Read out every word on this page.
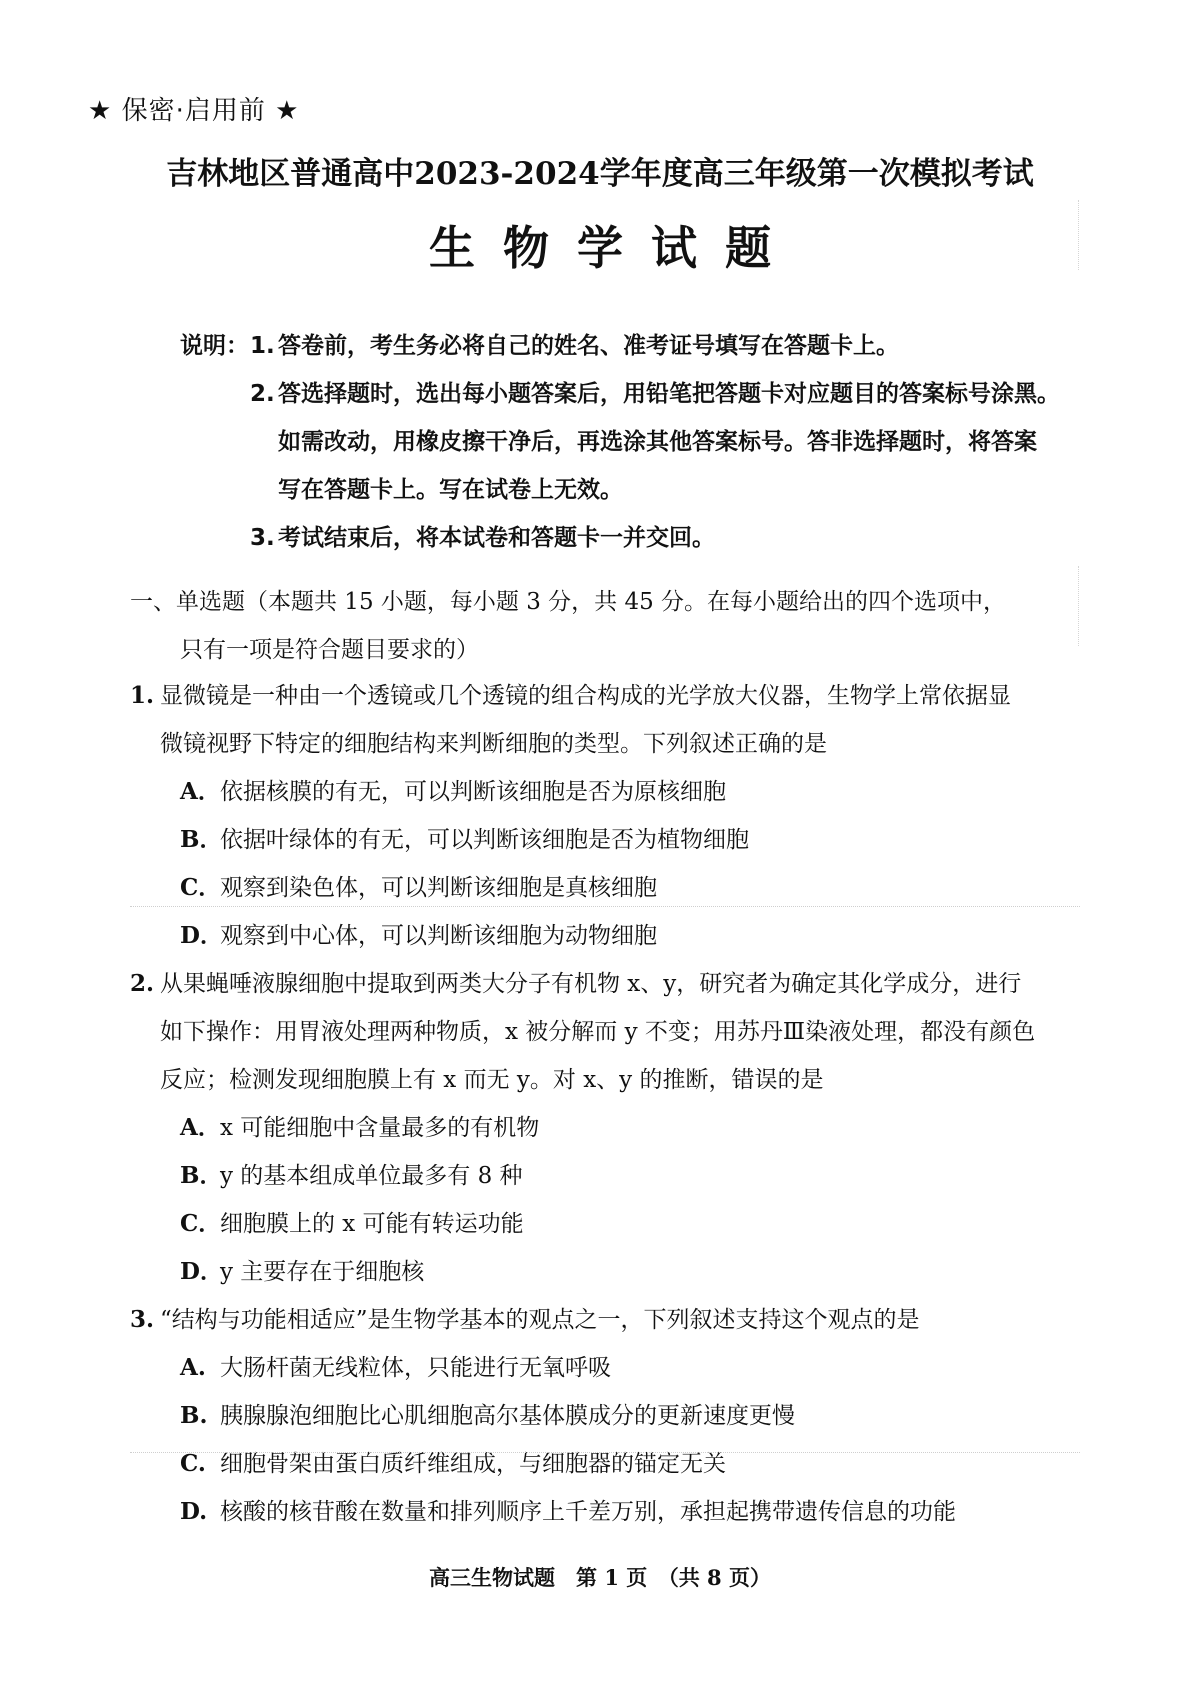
★ 保密·启用前 ★
吉林地区普通高中2023-2024学年度高三年级第一次模拟考试
生物学试题
说明： 1. 答卷前，考生务必将自己的姓名、准考证号填写在答题卡上。
2. 答选择题时，选出每小题答案后，用铅笔把答题卡对应题目的答案标号涂黑。
如需改动，用橡皮擦干净后，再选涂其他答案标号。答非选择题时，将答案
写在答题卡上。写在试卷上无效。
3. 考试结束后，将本试卷和答题卡一并交回。
一、单选题（本题共 15 小题，每小题 3 分，共 45 分。在每小题给出的四个选项中，
只有一项是符合题目要求的）
1. 显微镜是一种由一个透镜或几个透镜的组合构成的光学放大仪器，生物学上常依据显
微镜视野下特定的细胞结构来判断细胞的类型。下列叙述正确的是
A．依据核膜的有无，可以判断该细胞是否为原核细胞
B．依据叶绿体的有无，可以判断该细胞是否为植物细胞
C．观察到染色体，可以判断该细胞是真核细胞
D．观察到中心体，可以判断该细胞为动物细胞
2. 从果蝇唾液腺细胞中提取到两类大分子有机物 x、y，研究者为确定其化学成分，进行
如下操作：用胃液处理两种物质，x 被分解而 y 不变；用苏丹Ⅲ染液处理，都没有颜色
反应；检测发现细胞膜上有 x 而无 y。对 x、y 的推断，错误的是
A．x 可能细胞中含量最多的有机物
B．y 的基本组成单位最多有 8 种
C．细胞膜上的 x 可能有转运功能
D．y 主要存在于细胞核
3. “结构与功能相适应”是生物学基本的观点之一，下列叙述支持这个观点的是
A. 大肠杆菌无线粒体，只能进行无氧呼吸
B. 胰腺腺泡细胞比心肌细胞高尔基体膜成分的更新速度更慢
C. 细胞骨架由蛋白质纤维组成，与细胞器的锚定无关
D. 核酸的核苷酸在数量和排列顺序上千差万别，承担起携带遗传信息的功能
高三生物试题　第 1 页　（共 8 页）
